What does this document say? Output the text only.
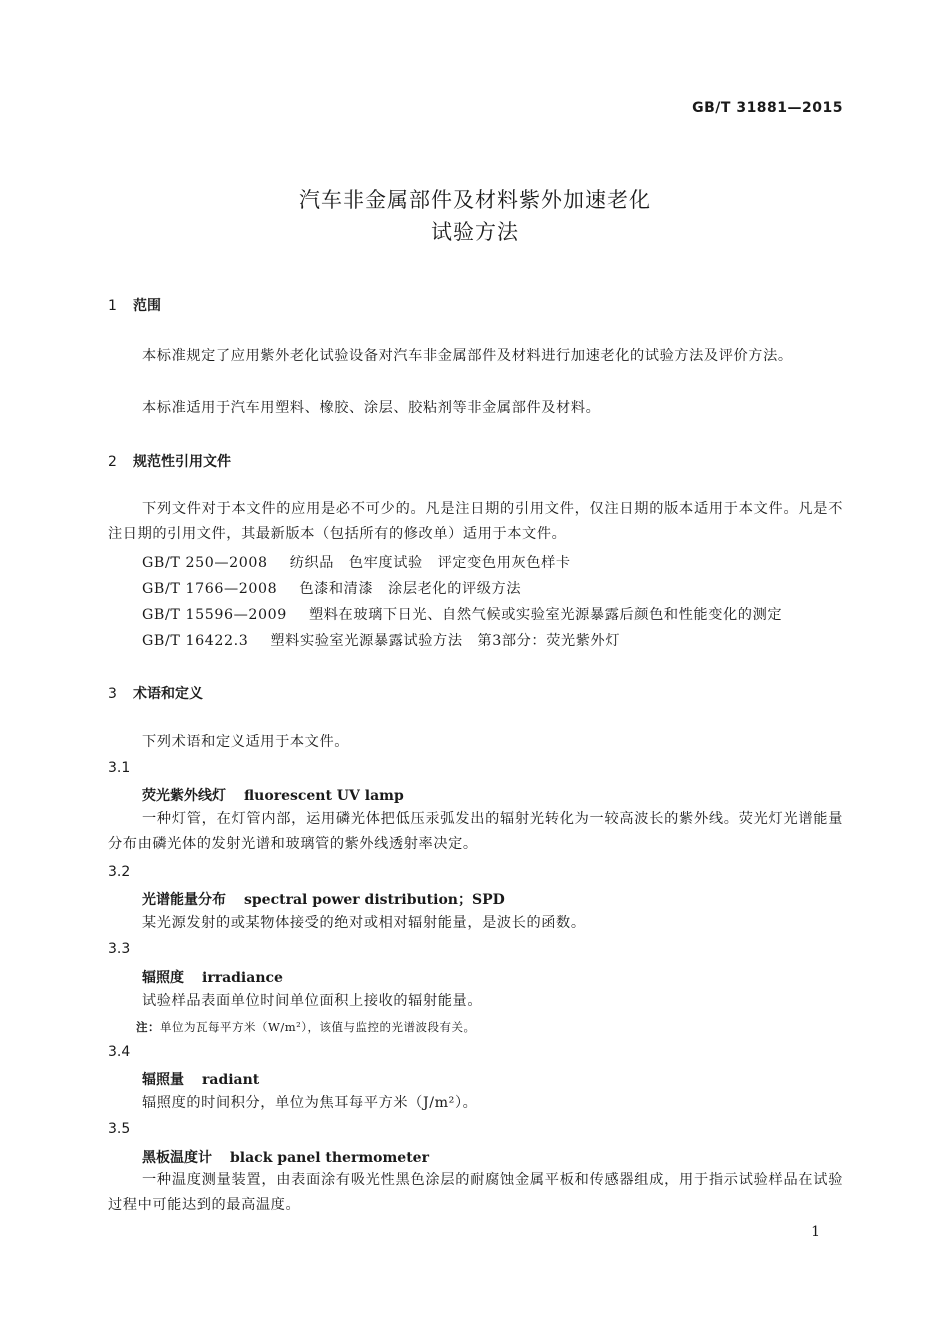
GB/T 31881—2015
汽车非金属部件及材料紫外加速老化
试验方法
1 范围
本标准规定了应用紫外老化试验设备对汽车非金属部件及材料进行加速老化的试验方法及评价方法。
本标准适用于汽车用塑料、橡胶、涂层、胶粘剂等非金属部件及材料。
2 规范性引用文件
下列文件对于本文件的应用是必不可少的。凡是注日期的引用文件，仅注日期的版本适用于本文件。凡是不注日期的引用文件，其最新版本（包括所有的修改单）适用于本文件。
GB/T 250—2008 纺织品　色牢度试验　评定变色用灰色样卡
GB/T 1766—2008 色漆和清漆　涂层老化的评级方法
GB/T 15596—2009 塑料在玻璃下日光、自然气候或实验室光源暴露后颜色和性能变化的测定
GB/T 16422.3 塑料实验室光源暴露试验方法　第3部分：荧光紫外灯
3 术语和定义
下列术语和定义适用于本文件。
3.1
荧光紫外线灯 fluorescent UV lamp
一种灯管，在灯管内部，运用磷光体把低压汞弧发出的辐射光转化为一较高波长的紫外线。荧光灯光谱能量分布由磷光体的发射光谱和玻璃管的紫外线透射率决定。
3.2
光谱能量分布 spectral power distribution；SPD
某光源发射的或某物体接受的绝对或相对辐射能量，是波长的函数。
3.3
辐照度 irradiance
试验样品表面单位时间单位面积上接收的辐射能量。
注：单位为瓦每平方米（W/m²），该值与监控的光谱波段有关。
3.4
辐照量 radiant
辐照度的时间积分，单位为焦耳每平方米（J/m²）。
3.5
黑板温度计 black panel thermometer
一种温度测量装置，由表面涂有吸光性黑色涂层的耐腐蚀金属平板和传感器组成，用于指示试验样品在试验过程中可能达到的最高温度。
1
